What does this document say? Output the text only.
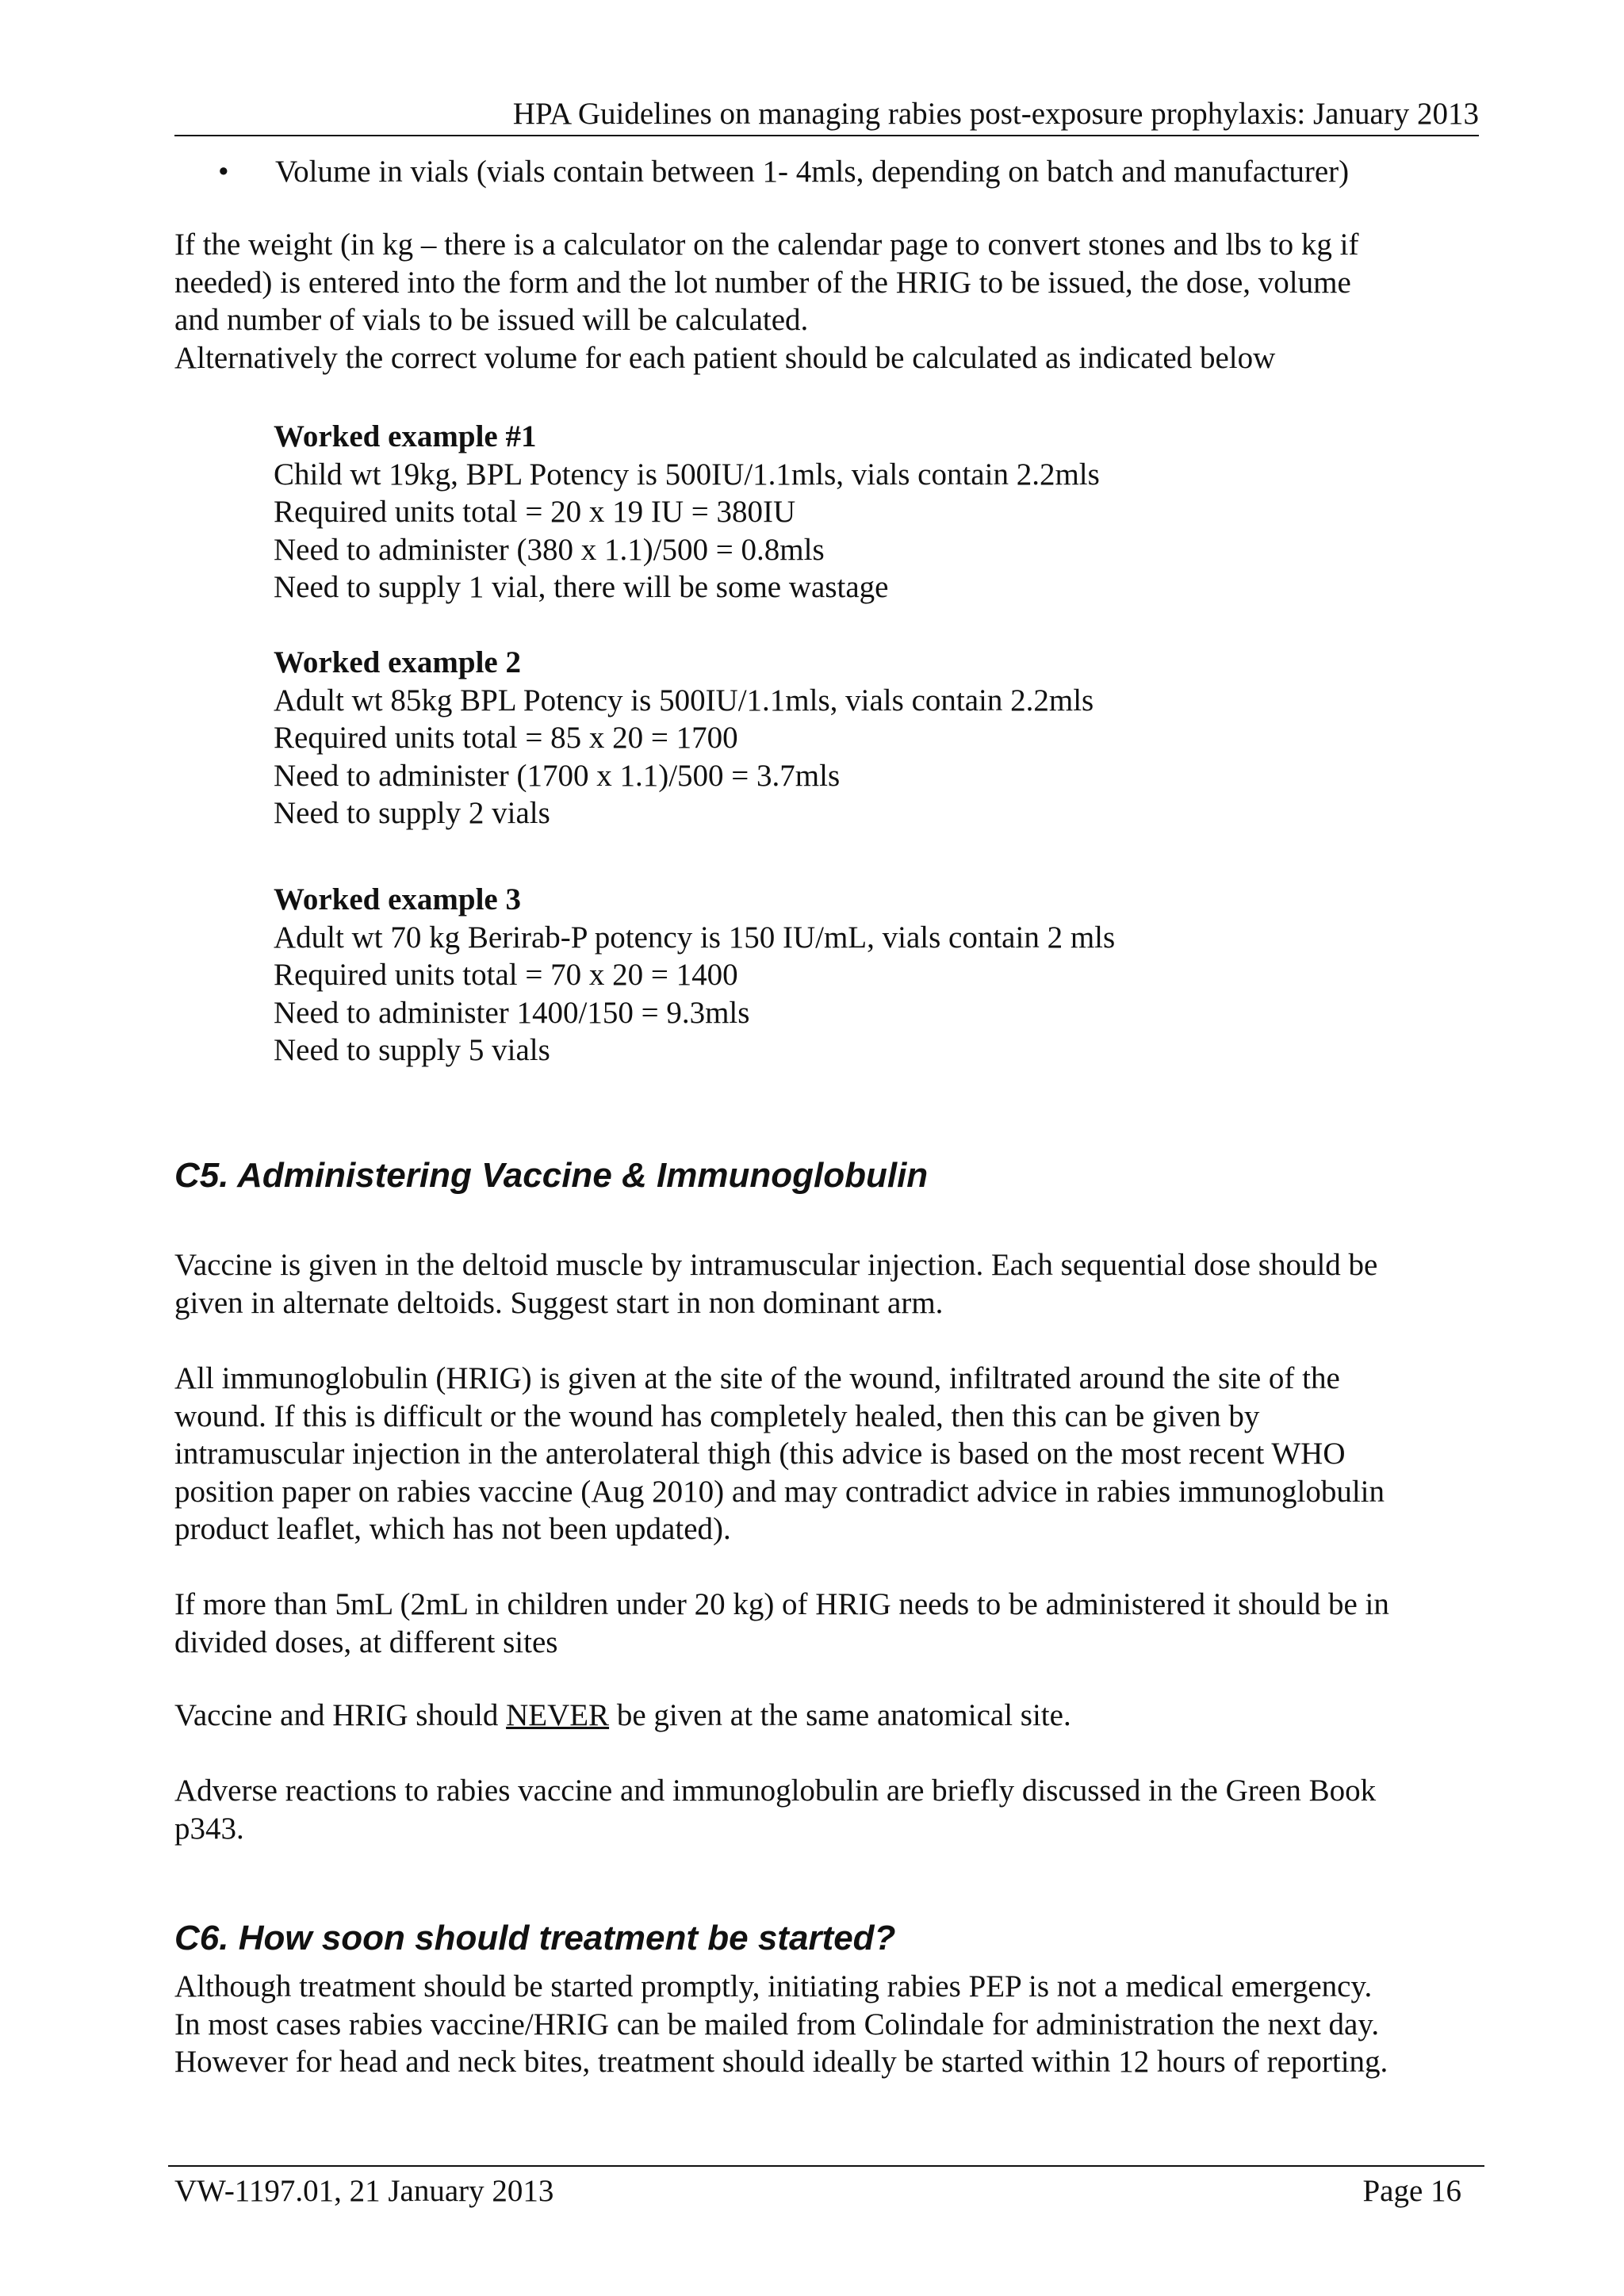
HPA Guidelines on managing rabies post-exposure prophylaxis: January 2013
•	Volume in vials (vials contain between 1- 4mls, depending on batch and manufacturer)

If the weight (in kg – there is a calculator on the calendar page to convert stones and lbs to kg if

needed) is entered into the form and the lot number of the HRIG to be issued, the dose, volume

and number of vials to be issued will be calculated.

Alternatively the correct volume for each patient should be calculated as indicated below

Worked example #1
Child wt 19kg, BPL Potency is 500IU/1.1mls, vials contain 2.2mls
Required units total = 20 x 19 IU = 380IU
Need to administer (380 x 1.1)/500 = 0.8mls
Need to supply 1 vial, there will be some wastage
Worked example 2
Adult wt 85kg BPL Potency is 500IU/1.1mls, vials contain 2.2mls
Required units total = 85 x 20 = 1700
Need to administer (1700 x 1.1)/500 = 3.7mls
Need to supply 2 vials
Worked example 3
Adult wt 70 kg Berirab-P potency is 150 IU/mL, vials contain 2 mls
Required units total = 70 x 20 = 1400
Need to administer 1400/150 = 9.3mls
Need to supply 5 vials
C5. Administering Vaccine & Immunoglobulin

Vaccine is given in the deltoid muscle by intramuscular injection. Each sequential dose should be

given in alternate deltoids. Suggest start in non dominant arm.

All immunoglobulin (HRIG) is given at the site of the wound, infiltrated around the site of the

wound. If this is difficult or the wound has completely healed, then this can be given by

intramuscular injection in the anterolateral thigh (this advice is based on the most recent WHO

position paper on rabies vaccine (Aug 2010) and may contradict advice in rabies immunoglobulin

product leaflet, which has not been updated).

If more than 5mL (2mL in children under 20 kg) of HRIG needs to be administered it should be in

divided doses, at different sites

Vaccine and HRIG should NEVER be given at the same anatomical site.

Adverse reactions to rabies vaccine and immunoglobulin are briefly discussed in the Green Book

p343.

C6. How soon should treatment be started?

Although treatment should be started promptly, initiating rabies PEP is not a medical emergency.

In most cases rabies vaccine/HRIG can be mailed from Colindale for administration the next day.

However for head and neck bites, treatment should ideally be started within 12 hours of reporting.

VW-1197.01, 21 January 2013	Page 16
